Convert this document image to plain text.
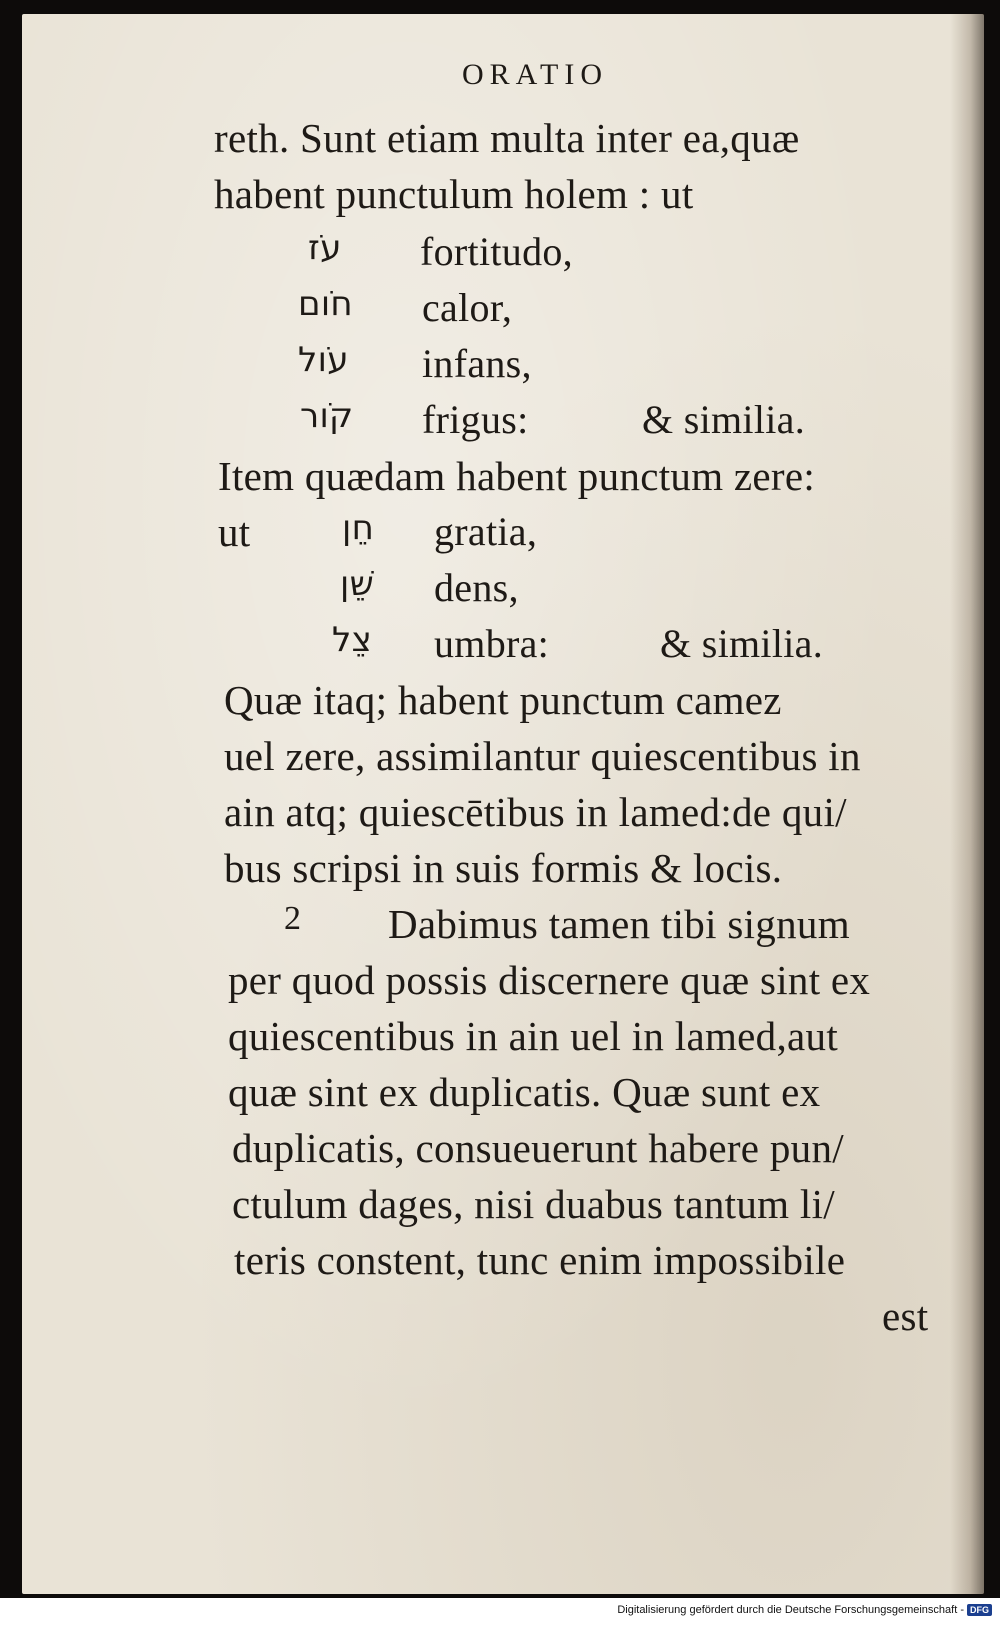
ORATIO
reth. Sunt etiam multa inter ea,quæ
habent punctulum holem : ut
עֹז fortitudo,
חֹום calor,
עֹול infans,
קֹור frigus:	& similia.
Item quædam habent punctum zere:
ut	חֵן gratia,
שֵׁן dens,
צֵל umbra:	& similia.
Quæ itaq; habent punctum camez
uel zere, assimilantur quiescentibus in
ain atq; quiescētibus in lamed:de qui/
bus scripsi in suis formis & locis.
2 Dabimus tamen tibi signum
per quod possis discernere quæ sint ex
quiescentibus in ain uel in lamed,aut
quæ sint ex duplicatis. Quæ sunt ex
duplicatis, consueuerunt habere pun/
ctulum dages, nisi duabus tantum li/
teris constent, tunc enim impossibile
est
Digitalisierung gefördert durch die Deutsche Forschungsgemeinschaft - DFG
